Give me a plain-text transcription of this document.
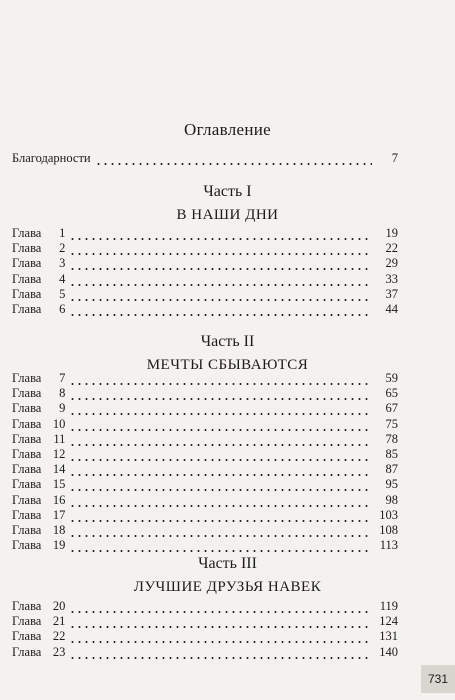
Оглавление
Благодарности	7
Часть I
В НАШИ ДНИ
Глава 1	19
Глава 2	22
Глава 3	29
Глава 4	33
Глава 5	37
Глава 6	44
Часть II
МЕЧТЫ СБЫВАЮТСЯ
Глава 7	59
Глава 8	65
Глава 9	67
Глава 10	75
Глава 11	78
Глава 12	85
Глава 14	87
Глава 15	95
Глава 16	98
Глава 17	103
Глава 18	108
Глава 19	113
Часть III
ЛУЧШИЕ ДРУЗЬЯ НАВЕК
Глава 20	119
Глава 21	124
Глава 22	131
Глава 23	140
731
